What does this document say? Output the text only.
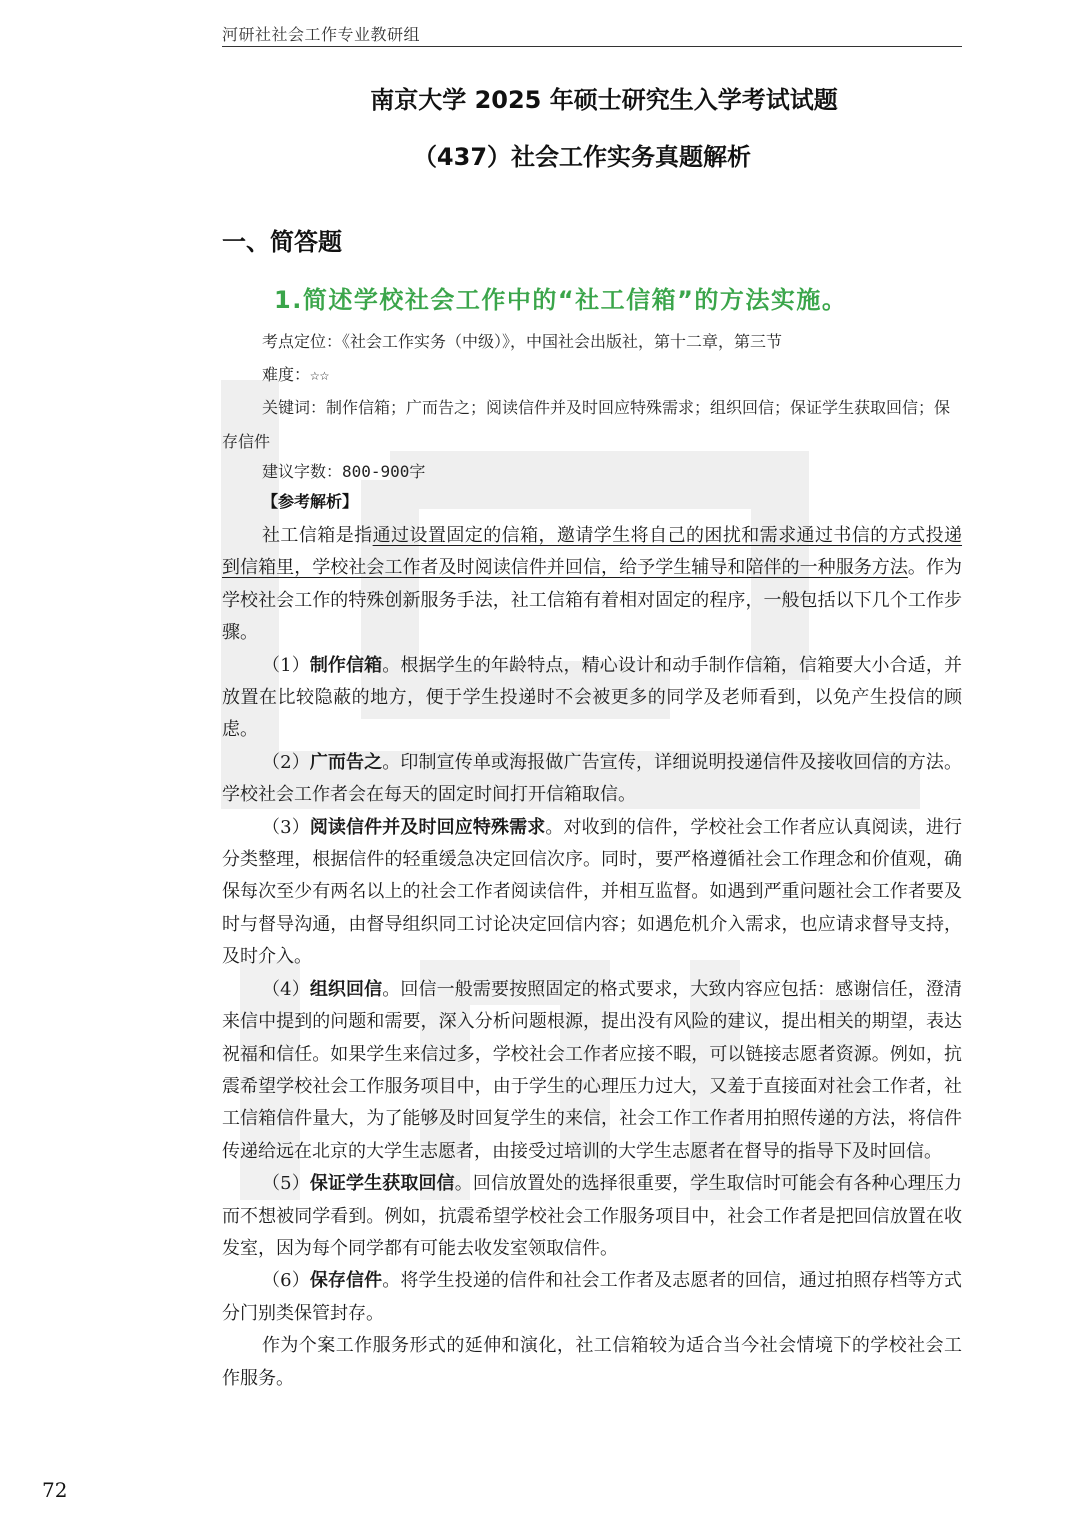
河研社社会工作专业教研组
南京大学 2025 年硕士研究生入学考试试题
（437）社会工作实务真题解析
一、简答题
1.简述学校社会工作中的“社工信箱”的方法实施。
考点定位：《社会工作实务（中级）》，中国社会出版社，第十二章，第三节
难度：☆☆
关键词：制作信箱；广而告之；阅读信件并及时回应特殊需求；组织回信；保证学生获取回信；保存信件
建议字数：800-900字
【参考解析】

社工信箱是指通过设置固定的信箱，邀请学生将自己的困扰和需求通过书信的方式投递到信箱里，学校社会工作者及时阅读信件并回信，给予学生辅导和陪伴的一种服务方法。作为学校社会工作的特殊创新服务手法，社工信箱有着相对固定的程序，一般包括以下几个工作步骤。

（1）制作信箱。根据学生的年龄特点，精心设计和动手制作信箱，信箱要大小合适，并放置在比较隐蔽的地方，便于学生投递时不会被更多的同学及老师看到，以免产生投信的顾虑。

（2）广而告之。印制宣传单或海报做广告宣传，详细说明投递信件及接收回信的方法。学校社会工作者会在每天的固定时间打开信箱取信。

（3）阅读信件并及时回应特殊需求。对收到的信件，学校社会工作者应认真阅读，进行分类整理，根据信件的轻重缓急决定回信次序。同时，要严格遵循社会工作理念和价值观，确保每次至少有两名以上的社会工作者阅读信件，并相互监督。如遇到严重问题社会工作者要及时与督导沟通，由督导组织同工讨论决定回信内容；如遇危机介入需求，也应请求督导支持，及时介入。

（4）组织回信。回信一般需要按照固定的格式要求，大致内容应包括：感谢信任，澄清来信中提到的问题和需要，深入分析问题根源，提出没有风险的建议，提出相关的期望，表达祝福和信任。如果学生来信过多，学校社会工作者应接不暇，可以链接志愿者资源。例如，抗震希望学校社会工作服务项目中，由于学生的心理压力过大，又羞于直接面对社会工作者，社工信箱信件量大，为了能够及时回复学生的来信，社会工作工作者用拍照传递的方法，将信件传递给远在北京的大学生志愿者，由接受过培训的大学生志愿者在督导的指导下及时回信。

（5）保证学生获取回信。回信放置处的选择很重要，学生取信时可能会有各种心理压力而不想被同学看到。例如，抗震希望学校社会工作服务项目中，社会工作者是把回信放置在收发室，因为每个同学都有可能去收发室领取信件。

（6）保存信件。将学生投递的信件和社会工作者及志愿者的回信，通过拍照存档等方式分门别类保管封存。

作为个案工作服务形式的延伸和演化，社工信箱较为适合当今社会情境下的学校社会工作服务。

72
